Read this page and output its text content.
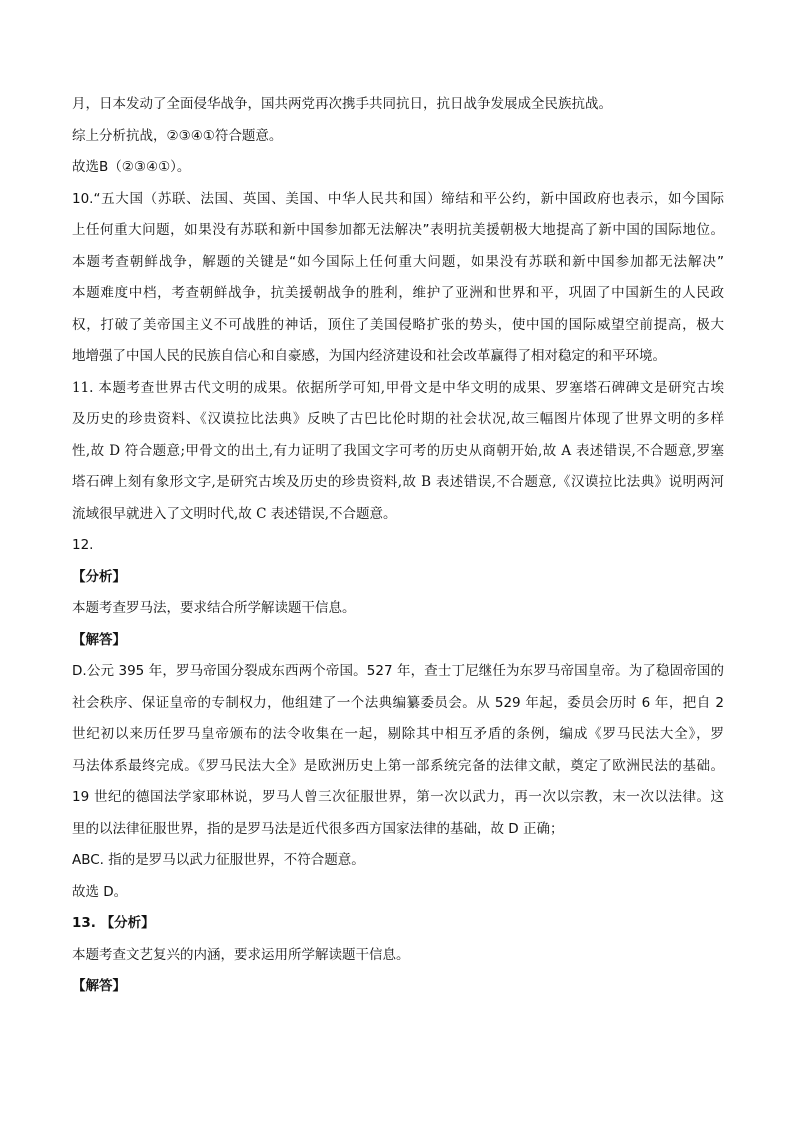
月，日本发动了全面侵华战争，国共两党再次携手共同抗日，抗日战争发展成全民族抗战。

综上分析抗战，②③④①符合题意。

故选B（②③④①）。

10.“五大国（苏联、法国、英国、美国、中华人民共和国）缔结和平公约，新中国政府也表示，如今国际

上任何重大问题，如果没有苏联和新中国参加都无法解决”表明抗美援朝极大地提高了新中国的国际地位。

本题考查朝鲜战争，解题的关键是“如今国际上任何重大问题，如果没有苏联和新中国参加都无法解决”

本题难度中档，考查朝鲜战争，抗美援朝战争的胜利，维护了亚洲和世界和平，巩固了中国新生的人民政

权，打破了美帝国主义不可战胜的神话，顶住了美国侵略扩张的势头，使中国的国际威望空前提高，极大

地增强了中国人民的民族自信心和自豪感，为国内经济建设和社会改革赢得了相对稳定的和平环境。

11. 本题考查世界古代文明的成果。依据所学可知,甲骨文是中华文明的成果、罗塞塔石碑碑文是研究古埃

及历史的珍贵资料、《汉谟拉比法典》反映了古巴比伦时期的社会状况,故三幅图片体现了世界文明的多样

性,故 D 符合题意;甲骨文的出土,有力证明了我国文字可考的历史从商朝开始,故 A 表述错误,不合题意,罗塞

塔石碑上刻有象形文字,是研究古埃及历史的珍贵资料,故 B 表述错误,不合题意,《汉谟拉比法典》说明两河

流域很早就进入了文明时代,故 C 表述错误,不合题意。

12.

【分析】

本题考查罗马法，要求结合所学解读题干信息。

【解答】

D.公元 395 年，罗马帝国分裂成东西两个帝国。527 年，查士丁尼继任为东罗马帝国皇帝。为了稳固帝国的

社会秩序、保证皇帝的专制权力，他组建了一个法典编纂委员会。从 529 年起，委员会历时 6 年，把自 2

世纪初以来历任罗马皇帝颁布的法令收集在一起，剔除其中相互矛盾的条例，编成《罗马民法大全》，罗

马法体系最终完成。《罗马民法大全》是欧洲历史上第一部系统完备的法律文献，奠定了欧洲民法的基础。

19 世纪的德国法学家耶林说，罗马人曾三次征服世界，第一次以武力，再一次以宗教，末一次以法律。这

里的以法律征服世界，指的是罗马法是近代很多西方国家法律的基础，故 D 正确；

ABC. 指的是罗马以武力征服世界，不符合题意。

故选 D。

13. 【分析】

本题考查文艺复兴的内涵，要求运用所学解读题干信息。

【解答】
